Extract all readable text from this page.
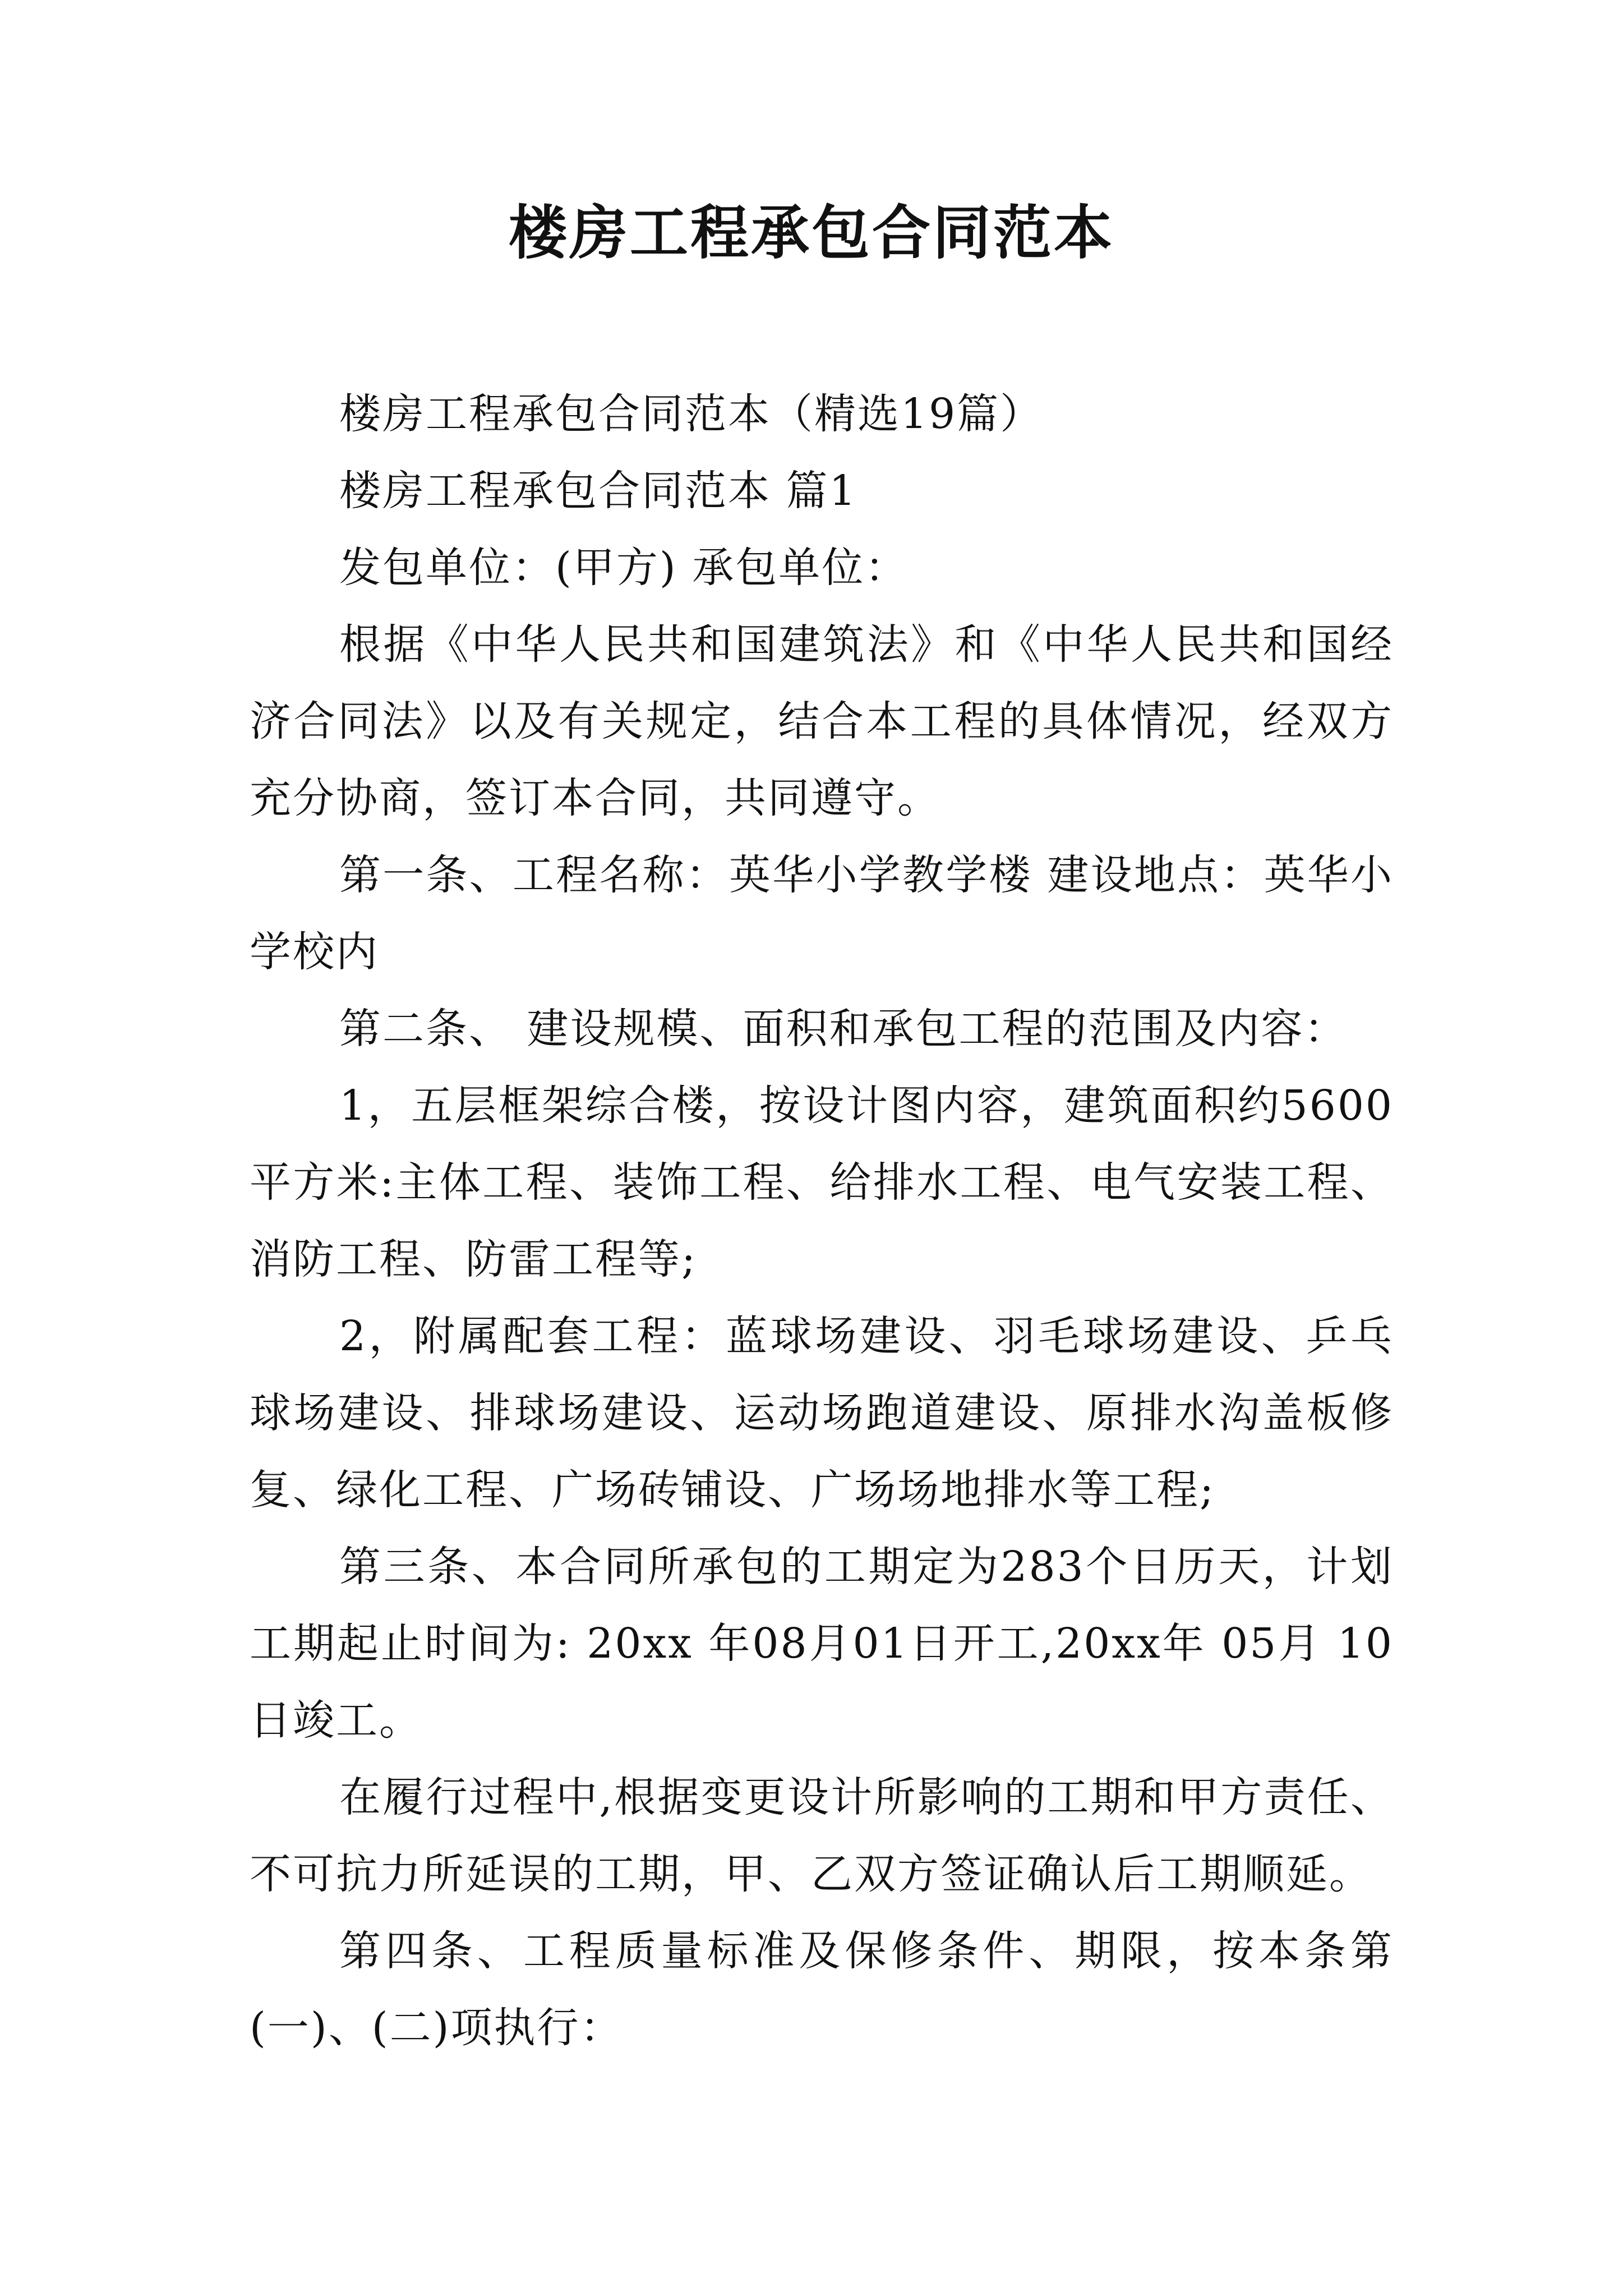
楼房工程承包合同范本

楼房工程承包合同范本（精选19篇）

楼房工程承包合同范本 篇1

发包单位：(甲方) 承包单位：

根据《中华人民共和国建筑法》和《中华人民共和国经济合同法》以及有关规定，结合本工程的具体情况，经双方充分协商，签订本合同，共同遵守。

第一条、工程名称：英华小学教学楼 建设地点：英华小学校内

第二条、 建设规模、面积和承包工程的范围及内容：

1，五层框架综合楼，按设计图内容，建筑面积约5600平方米:主体工程、装饰工程、给排水工程、电气安装工程、消防工程、防雷工程等;

2，附属配套工程：蓝球场建设、羽毛球场建设、乒乓球场建设、排球场建设、运动场跑道建设、原排水沟盖板修复、绿化工程、广场砖铺设、广场场地排水等工程;

第三条、本合同所承包的工期定为283个日历天，计划工期起止时间为: 20xx 年08月01日开工,20xx年 05月 10日竣工。

在履行过程中,根据变更设计所影响的工期和甲方责任、不可抗力所延误的工期，甲、乙双方签证确认后工期顺延。

第四条、工程质量标准及保修条件、期限，按本条第(一)、(二)项执行：
